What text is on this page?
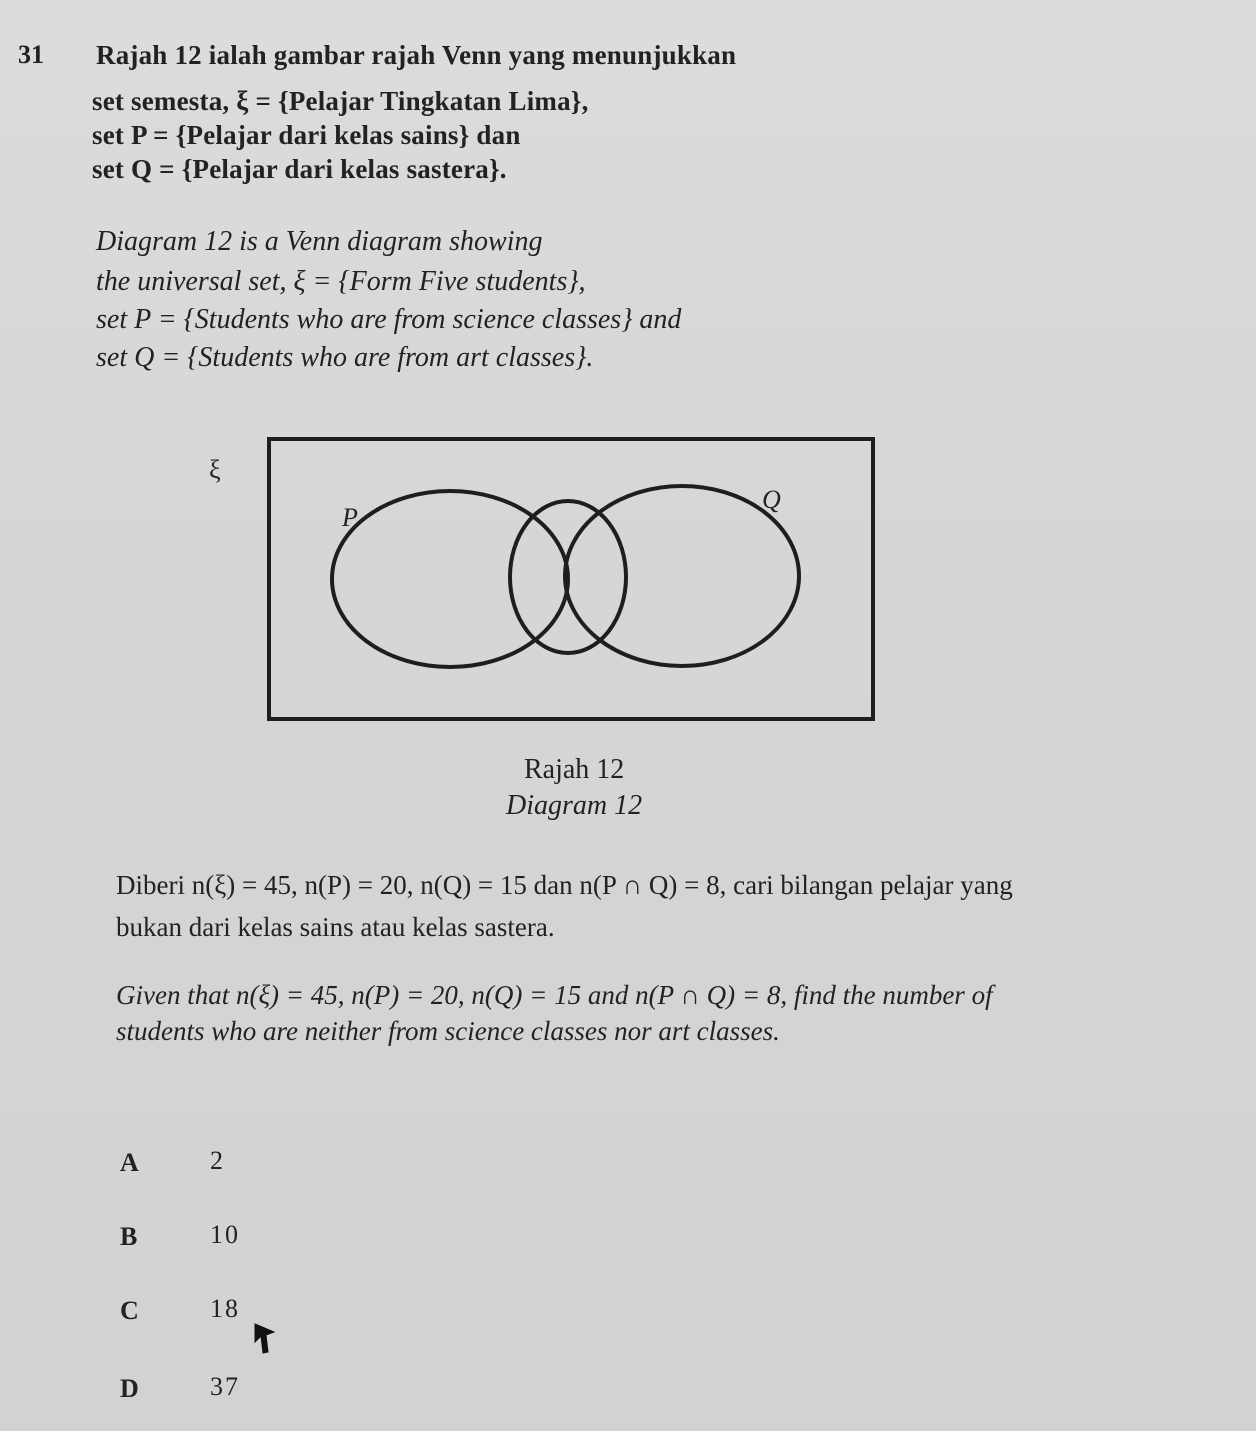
31 Rajah 12 ialah gambar rajah Venn yang menunjukkan
set semesta, ξ = {Pelajar Tingkatan Lima},
set P = {Pelajar dari kelas sains} dan
set Q = {Pelajar dari kelas sastera}.
Diagram 12 is a Venn diagram showing
the universal set, ξ = {Form Five students},
set P = {Students who are from science classes} and
set Q = {Students who are from art classes}.
ξ
P
Q
Rajah 12
Diagram 12
Diberi n(ξ) = 45, n(P) = 20, n(Q) = 15 dan n(P ∩ Q) = 8, cari bilangan pelajar yang
bukan dari kelas sains atau kelas sastera.
Given that n(ξ) = 45, n(P) = 20, n(Q) = 15 and n(P ∩ Q) = 8, find the number of
students who are neither from science classes nor art classes.
A	2
B	10
C	18
D	37
